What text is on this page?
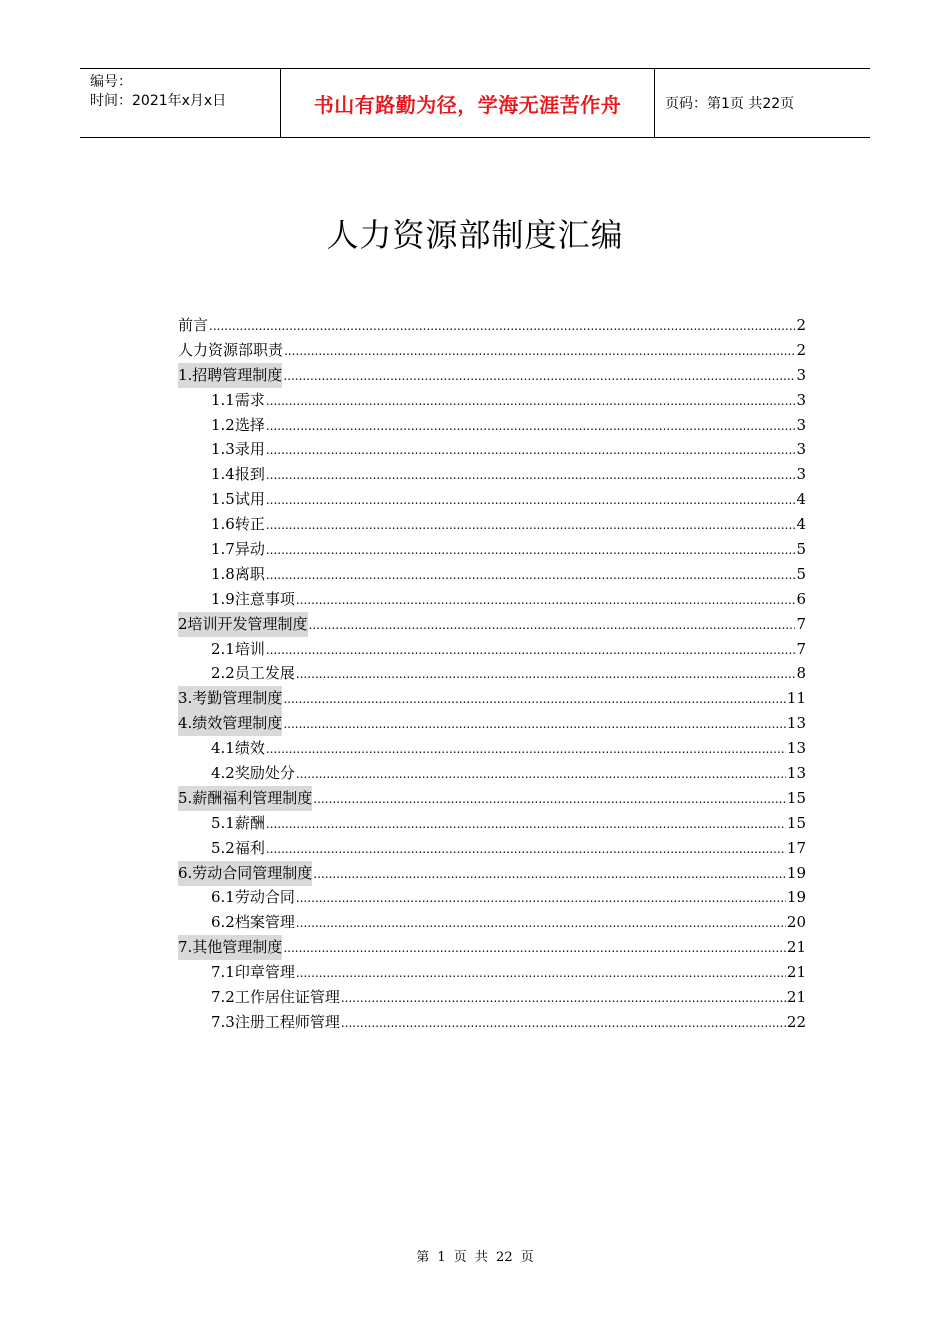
编号：
时间：2021年x月x日	书山有路勤为径，学海无涯苦作舟	页码：第1页 共22页
人力资源部制度汇编
前言 .....	2
人力资源部职责 .....	2
1.招聘管理制度 .....	3
1.1需求 .....	3
1.2选择 .....	3
1.3录用 .....	3
1.4报到 .....	3
1.5试用 .....	4
1.6转正 .....	4
1.7异动 .....	5
1.8离职 .....	5
1.9注意事项 .....	6
2培训开发管理制度 .....	7
2.1培训 .....	7
2.2员工发展 .....	8
3.考勤管理制度 .....	11
4.绩效管理制度 .....	13
4.1绩效 .....	13
4.2奖励处分 .....	13
5.薪酬福利管理制度 .....	15
5.1薪酬 .....	15
5.2福利 .....	17
6.劳动合同管理制度 .....	19
6.1劳动合同 .....	19
6.2档案管理 .....	20
7.其他管理制度 .....	21
7.1印章管理 .....	21
7.2工作居住证管理 .....	21
7.3注册工程师管理 .....	22
第 1 页 共 22 页
